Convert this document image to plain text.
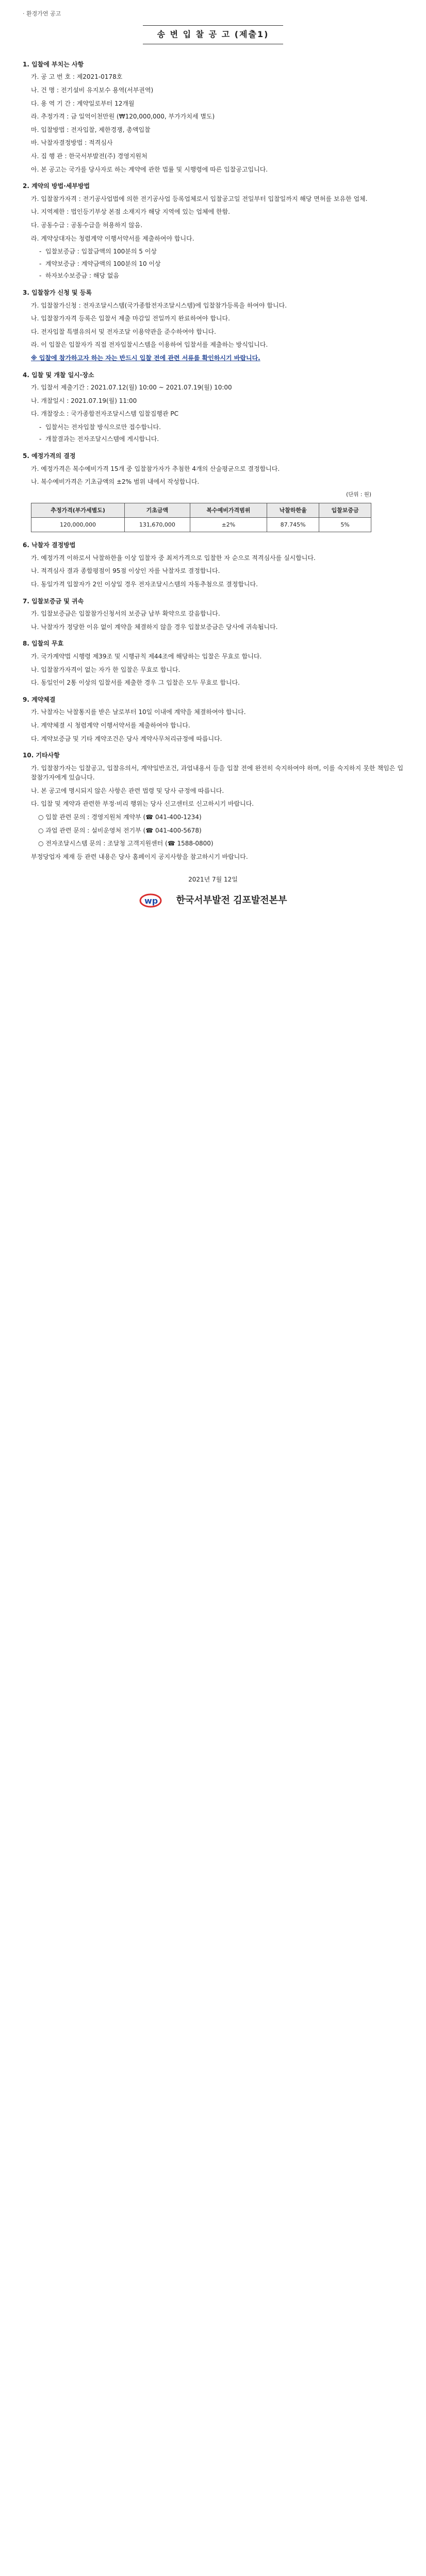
· 환경가연 공고
송 변 입 찰 공 고 (제출1)
1. 입찰에 부치는 사항

가. 공 고 번 호 : 제2021-0178호

나. 건 명 : 전기설비 유지보수 용역(서부권역)

다. 용 역 기 간 : 계약일로부터 12개월

라. 추정가격 : 금 일억이천만원 (₩120,000,000, 부가가치세 별도)

마. 입찰방법 : 전자입찰, 제한경쟁, 총액입찰

바. 낙찰자결정방법 : 적격심사

사. 집 행 관 : 한국서부발전(주) 경영지원처

아. 본 공고는 국가를 당사자로 하는 계약에 관한 법률 및 시행령에 따른 입찰공고입니다.

2. 계약의 방법·세부방법

가. 입찰참가자격 : 전기공사업법에 의한 전기공사업 등록업체로서 입찰공고일 전일부터 입찰일까지 해당 면허를 보유한 업체.

나. 지역제한 : 법인등기부상 본점 소재지가 해당 지역에 있는 업체에 한함.

다. 공동수급 : 공동수급을 허용하지 않음.

라. 계약상대자는 청렴계약 이행서약서를 제출하여야 합니다.

- 입찰보증금 : 입찰금액의 100분의 5 이상
- 계약보증금 : 계약금액의 100분의 10 이상
- 하자보수보증금 : 해당 없음
3. 입찰참가 신청 및 등록

가. 입찰참가신청 : 전자조달시스템(국가종합전자조달시스템)에 입찰참가등록을 하여야 합니다.

나. 입찰참가자격 등록은 입찰서 제출 마감일 전일까지 완료하여야 합니다.

다. 전자입찰 특별유의서 및 전자조달 이용약관을 준수하여야 합니다.

라. 이 입찰은 입찰자가 직접 전자입찰시스템을 이용하여 입찰서를 제출하는 방식입니다.

※ 입찰에 참가하고자 하는 자는 반드시 입찰 전에 관련 서류를 확인하시기 바랍니다.

4. 입찰 및 개찰 일시·장소

가. 입찰서 제출기간 : 2021.07.12(월) 10:00 ~ 2021.07.19(월) 10:00

나. 개찰일시 : 2021.07.19(월) 11:00

다. 개찰장소 : 국가종합전자조달시스템 입찰집행관 PC

- 입찰서는 전자입찰 방식으로만 접수합니다.
- 개찰결과는 전자조달시스템에 게시합니다.
5. 예정가격의 결정

가. 예정가격은 복수예비가격 15개 중 입찰참가자가 추첨한 4개의 산술평균으로 결정합니다.

나. 복수예비가격은 기초금액의 ±2% 범위 내에서 작성합니다.

(단위 : 원)
추정가격(부가세별도)	기초금액	복수예비가격범위	낙찰하한율	입찰보증금
120,000,000	131,670,000	±2%	87.745%	5%
6. 낙찰자 결정방법

가. 예정가격 이하로서 낙찰하한율 이상 입찰자 중 최저가격으로 입찰한 자 순으로 적격심사를 실시합니다.

나. 적격심사 결과 종합평점이 95점 이상인 자를 낙찰자로 결정합니다.

다. 동일가격 입찰자가 2인 이상일 경우 전자조달시스템의 자동추첨으로 결정합니다.

7. 입찰보증금 및 귀속

가. 입찰보증금은 입찰참가신청서의 보증금 납부 확약으로 갈음합니다.

나. 낙찰자가 정당한 이유 없이 계약을 체결하지 않을 경우 입찰보증금은 당사에 귀속됩니다.

8. 입찰의 무효

가. 국가계약법 시행령 제39조 및 시행규칙 제44조에 해당하는 입찰은 무효로 합니다.

나. 입찰참가자격이 없는 자가 한 입찰은 무효로 합니다.

다. 동일인이 2통 이상의 입찰서를 제출한 경우 그 입찰은 모두 무효로 합니다.

9. 계약체결

가. 낙찰자는 낙찰통지를 받은 날로부터 10일 이내에 계약을 체결하여야 합니다.

나. 계약체결 시 청렴계약 이행서약서를 제출하여야 합니다.

다. 계약보증금 및 기타 계약조건은 당사 계약사무처리규정에 따릅니다.

10. 기타사항

가. 입찰참가자는 입찰공고, 입찰유의서, 계약일반조건, 과업내용서 등을 입찰 전에 완전히 숙지하여야 하며, 이를 숙지하지 못한 책임은 입찰참가자에게 있습니다.

나. 본 공고에 명시되지 않은 사항은 관련 법령 및 당사 규정에 따릅니다.

다. 입찰 및 계약과 관련한 부정·비리 행위는 당사 신고센터로 신고하시기 바랍니다.

○ 입찰 관련 문의 : 경영지원처 계약부 (☎ 041-400-1234)

○ 과업 관련 문의 : 설비운영처 전기부 (☎ 041-400-5678)

○ 전자조달시스템 문의 : 조달청 고객지원센터 (☎ 1588-0800)

부정당업자 제재 등 관련 내용은 당사 홈페이지 공지사항을 참고하시기 바랍니다.

2021년 7월 12일
wp 한국서부발전 김포발전본부
